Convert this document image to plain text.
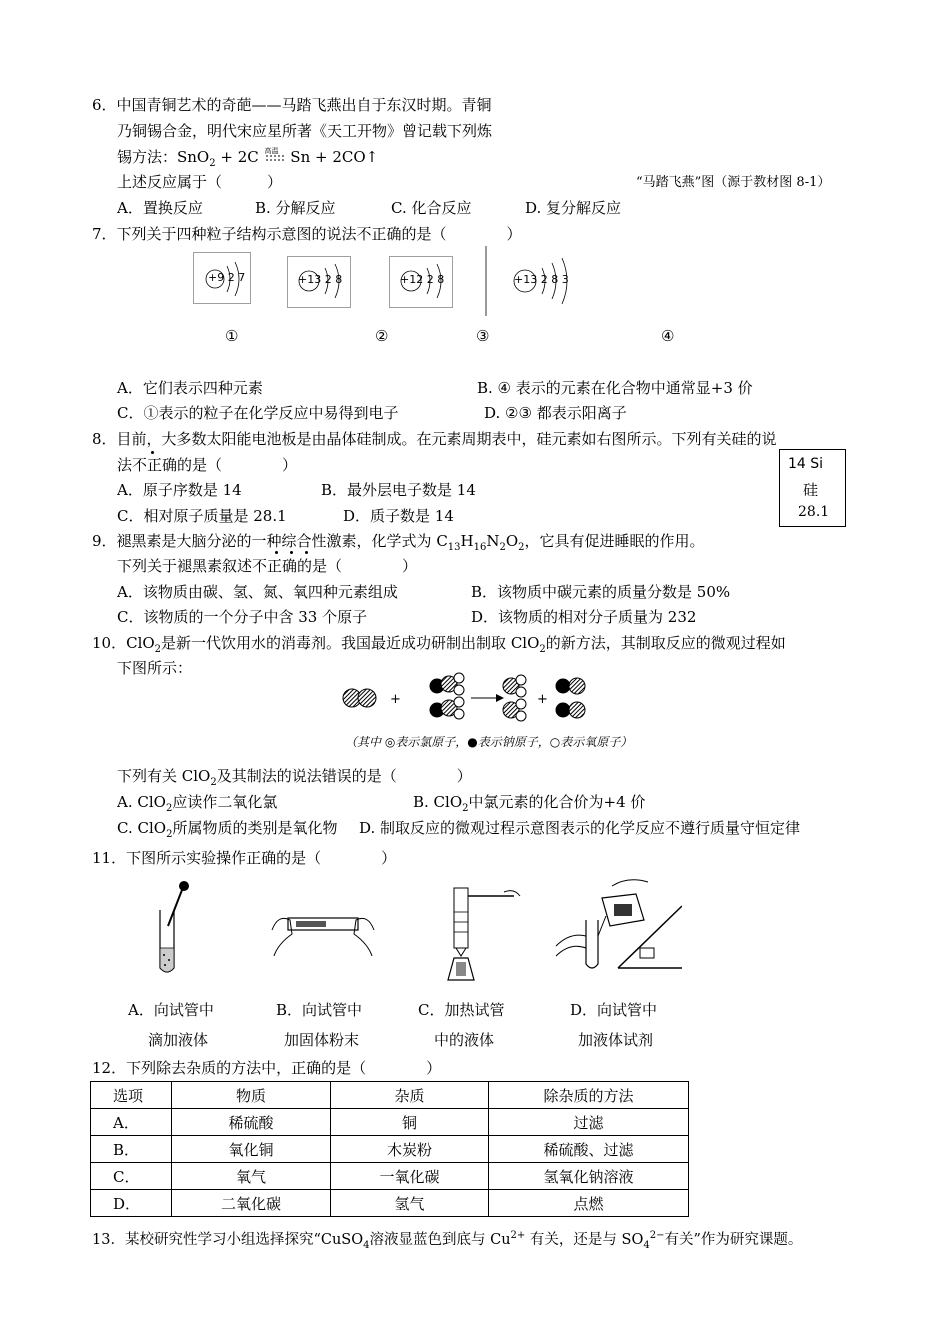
6．中国青铜艺术的奇葩——马踏飞燕出自于东汉时期。青铜
乃铜锡合金，明代宋应星所著《天工开物》曾记载下列炼
锡方法：SnO$_2$ + 2C 高温 Sn + 2CO↑
上述反应属于（　　　）	“马踏飞燕”图（源于教材图 8-1）
A．置换反应	B. 分解反应	C. 化合反应	D. 复分解反应
7．下列关于四种粒子结构示意图的说法不正确的是（　　　　）
+9 2 7	+13 2 8	+12 2 8	+13 2 8 3
①	②	③	④
A．它们表示四种元素	B. ④ 表示的元素在化合物中通常显+3 价
C．①表示的粒子在化学反应中易得到电子	D. ②③ 都表示阳离子
8．目前，大多数太阳能电池板是由晶体硅制成。在元素周期表中，硅元素如右图所示。下列有关硅的说
法不正确的是（　　　　）	14 Si
硅
28.1
A．原子序数是 14	B．最外层电子数是 14
C．相对原子质量是 28.1	D．质子数是 14
9．褪黑素是大脑分泌的一种综合性激素，化学式为 $C_{13}H_{16}N_2O_2$，它具有促进睡眠的作用。
下列关于褪黑素叙述不正确的是（　　　　）
A．该物质由碳、氢、氮、氧四种元素组成	B．该物质中碳元素的质量分数是 50%
C．该物质的一个分子中含 33 个原子	D．该物质的相对分子质量为 232
10．ClO$_2$是新一代饮用水的消毒剂。我国最近成功研制出制取 ClO$_2$的新方法，其制取反应的微观过程如
下图所示：
+	+
（其中 ◎表示氯原子，●表示钠原子，○表示氧原子）
下列有关 ClO$_2$及其制法的说法错误的是（　　　　）
A. ClO$_2$应读作二氧化氯	B. ClO$_2$中氯元素的化合价为+4 价
C. ClO$_2$所属物质的类别是氧化物 D. 制取反应的微观过程示意图表示的化学反应不遵行质量守恒定律
11．下图所示实验操作正确的是（　　　　）
A．向试管中
滴加液体
B．向试管中
加固体粉末
C．加热试管
中的液体
D．向试管中
加液体试剂
12．下列除去杂质的方法中，正确的是（　　　　）
选项	物质	杂质	除杂质的方法
A．	稀硫酸	铜	过滤
B．	氧化铜	木炭粉	稀硫酸、过滤
C．	氧气	一氧化碳	氢氧化钠溶液
D．	二氧化碳	氢气	点燃
13．某校研究性学习小组选择探究“CuSO$_4$溶液显蓝色到底与 $Cu^{2+}$ 有关，还是与 $SO_4^{2-}$有关”作为研究课题。
